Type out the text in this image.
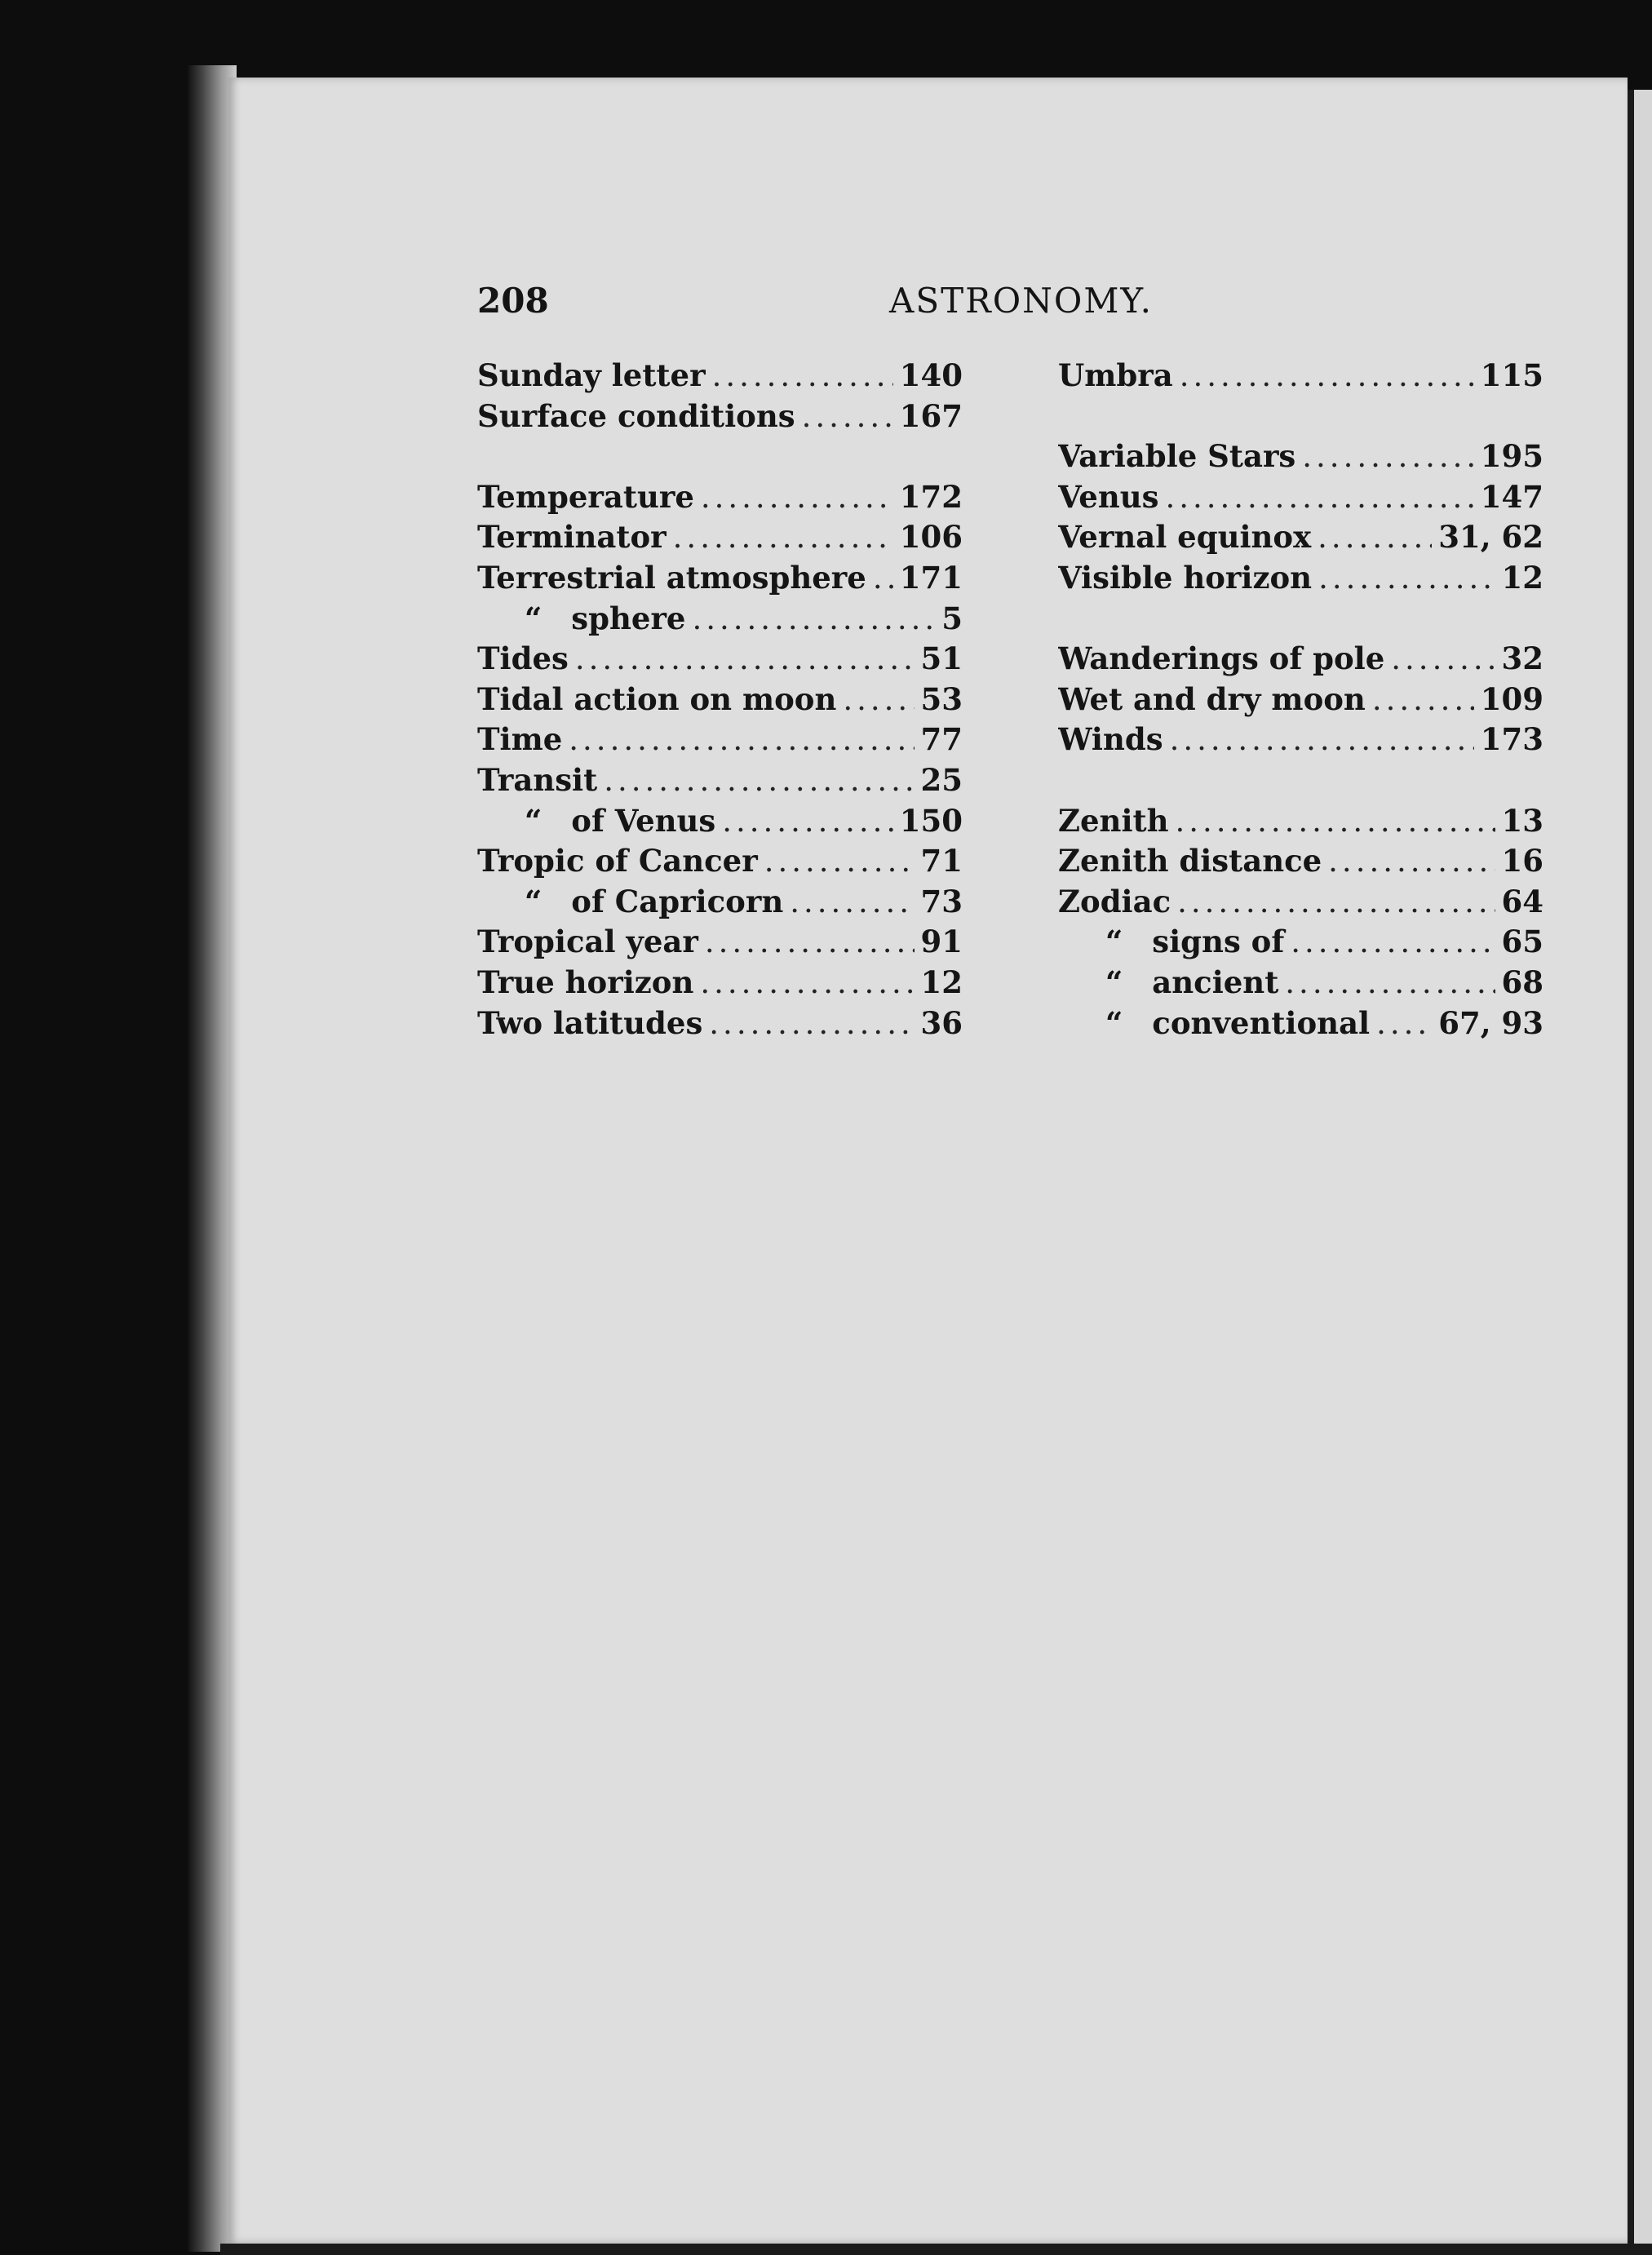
208	ASTRONOMY.
Sunday letter .....	140
Surface conditions .....	167
Temperature .....	172
Terminator .....	106
Terrestrial atmosphere ..... 171
“ sphere .....	5
Tides .....	51
Tidal action on moon .....	53
Time .....	77
Transit .....	25
“ of Venus .....	150
Tropic of Cancer .....	71
“ of Capricorn .....	73
Tropical year .....	91
True horizon .....	12
Two latitudes .....	36
Umbra .....	115
Variable Stars .....	195
Venus .....	147
Vernal equinox .....	31, 62
Visible horizon .....	12
Wanderings of pole .....	32
Wet and dry moon .....	109
Winds .....	173
Zenith .....	13
Zenith distance .....	16
Zodiac .....	64
“ signs of .....	65
“ ancient .....	68
“ conventional ..... 67, 93
